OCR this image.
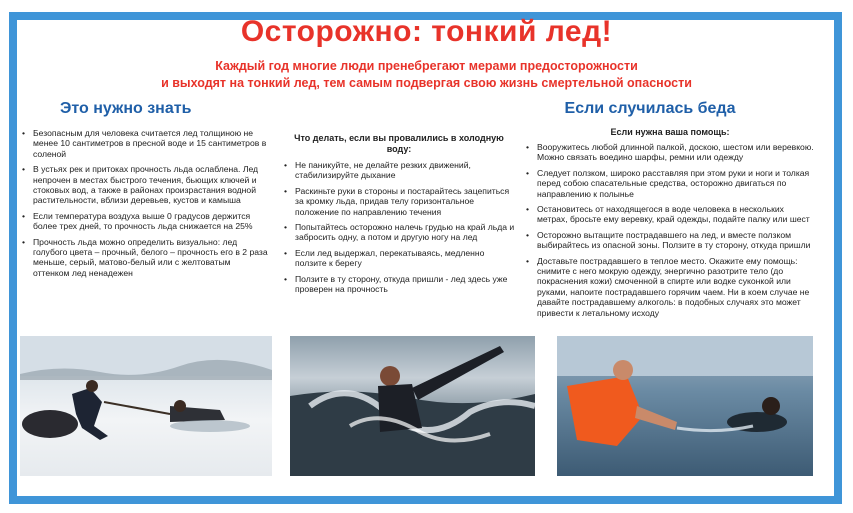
Осторожно: тонкий лед!
Каждый год многие люди пренебрегают мерами предосторожности
и выходят на тонкий лед, тем самым подвергая свою жизнь смертельной опасности
Это нужно знать
• Безопасным для человека считается лед толщиною не менее 10 сантиметров в пресной воде и 15 сантиметров в соленой
• В устьях рек и притоках прочность льда ослаблена. Лед непрочен в местах быстрого течения, бьющих ключей и стоковых вод, а также в районах произрастания водной растительности, вблизи деревьев, кустов и камыша
• Если температура воздуха выше 0 градусов держится более трех дней, то прочность льда снижается на 25%
• Прочность льда можно определить визуально: лед голубого цвета – прочный, белого – прочность его в 2 раза меньше, серый, матово-белый или с желтоватым оттенком лед ненадежен
Что делать, если вы провалились в холодную воду:
• Не паникуйте, не делайте резких движений, стабилизируйте дыхание
• Раскиньте руки в стороны и постарайтесь зацепиться за кромку льда, придав телу горизонтальное положение по направлению течения
• Попытайтесь осторожно налечь грудью на край льда и забросить одну, а потом и другую ногу на лед
• Если лед выдержал, перекатываясь, медленно ползите к берегу
• Ползите в ту сторону, откуда пришли - лед здесь уже проверен на прочность
Если случилась беда
Если нужна ваша помощь:
• Вооружитесь любой длинной палкой, доскою, шестом или веревкою. Можно связать воедино шарфы, ремни или одежду
• Следует ползком, широко расставляя при этом руки и ноги и толкая перед собою спасательные средства, осторожно двигаться по направлению к полынье
• Остановитесь от находящегося в воде человека в нескольких метрах, бросьте ему веревку, край одежды, подайте палку или шест
• Осторожно вытащите пострадавшего на лед, и вместе ползком выбирайтесь из опасной зоны. Ползите в ту сторону, откуда пришли
• Доставьте пострадавшего в теплое место. Окажите ему помощь: снимите с него мокрую одежду, энергично разотрите тело (до покраснения кожи) смоченной в спирте или водке суконкой или руками, напоите пострадавшего горячим чаем. Ни в коем случае не давайте пострадавшему алкоголь: в подобных случаях это может привести к летальному исходу
